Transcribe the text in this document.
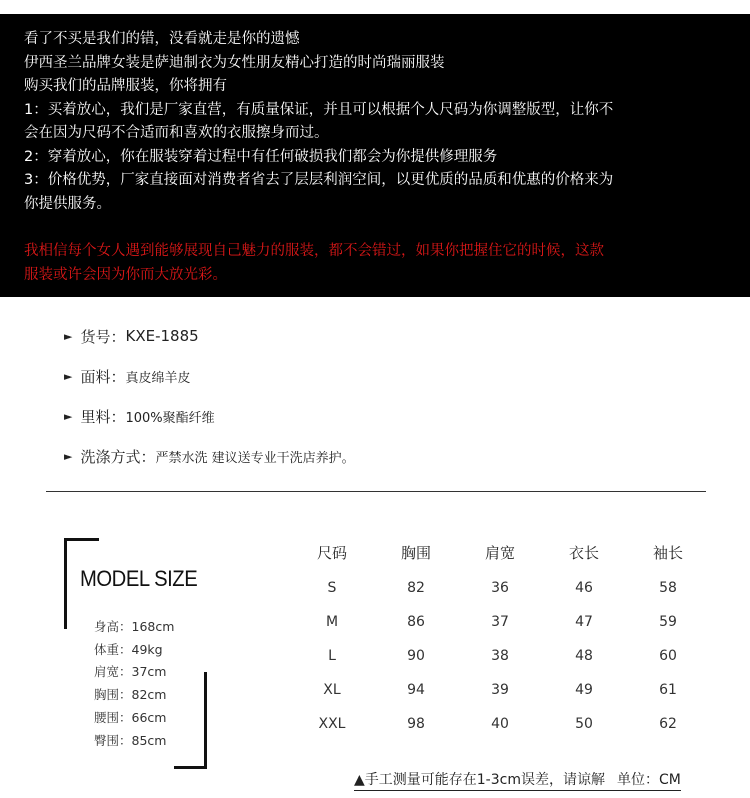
看了不买是我们的错，没看就走是你的遗憾
伊西圣兰品牌女装是萨迪制衣为女性朋友精心打造的时尚瑞丽服装
购买我们的品牌服装，你将拥有
1：买着放心，我们是厂家直营，有质量保证，并且可以根据个人尺码为你调整版型，让你不
会在因为尺码不合适而和喜欢的衣服擦身而过。
2：穿着放心，你在服装穿着过程中有任何破损我们都会为你提供修理服务
3：价格优势，厂家直接面对消费者省去了层层利润空间，以更优质的品质和优惠的价格来为
你提供服务。
我相信每个女人遇到能够展现自己魅力的服装，都不会错过，如果你把握住它的时候，这款
服装或许会因为你而大放光彩。
► 货号： KXE-1885
► 面料： 真皮绵羊皮
► 里料： 100%聚酯纤维
► 洗涤方式： 严禁水洗 建议送专业干洗店养护。
MODEL SIZE
身高：168cm
体重：49kg
肩宽：37cm
胸围：82cm
腰围：66cm
臀围：85cm
尺码	胸围	肩宽	衣长	袖长
S	82	36	46	58
M	86	37	47	59
L	90	38	48	60
XL	94	39	49	61
XXL	98	40	50	62
▲手工测量可能存在1-3cm误差，请谅解 单位：CM
